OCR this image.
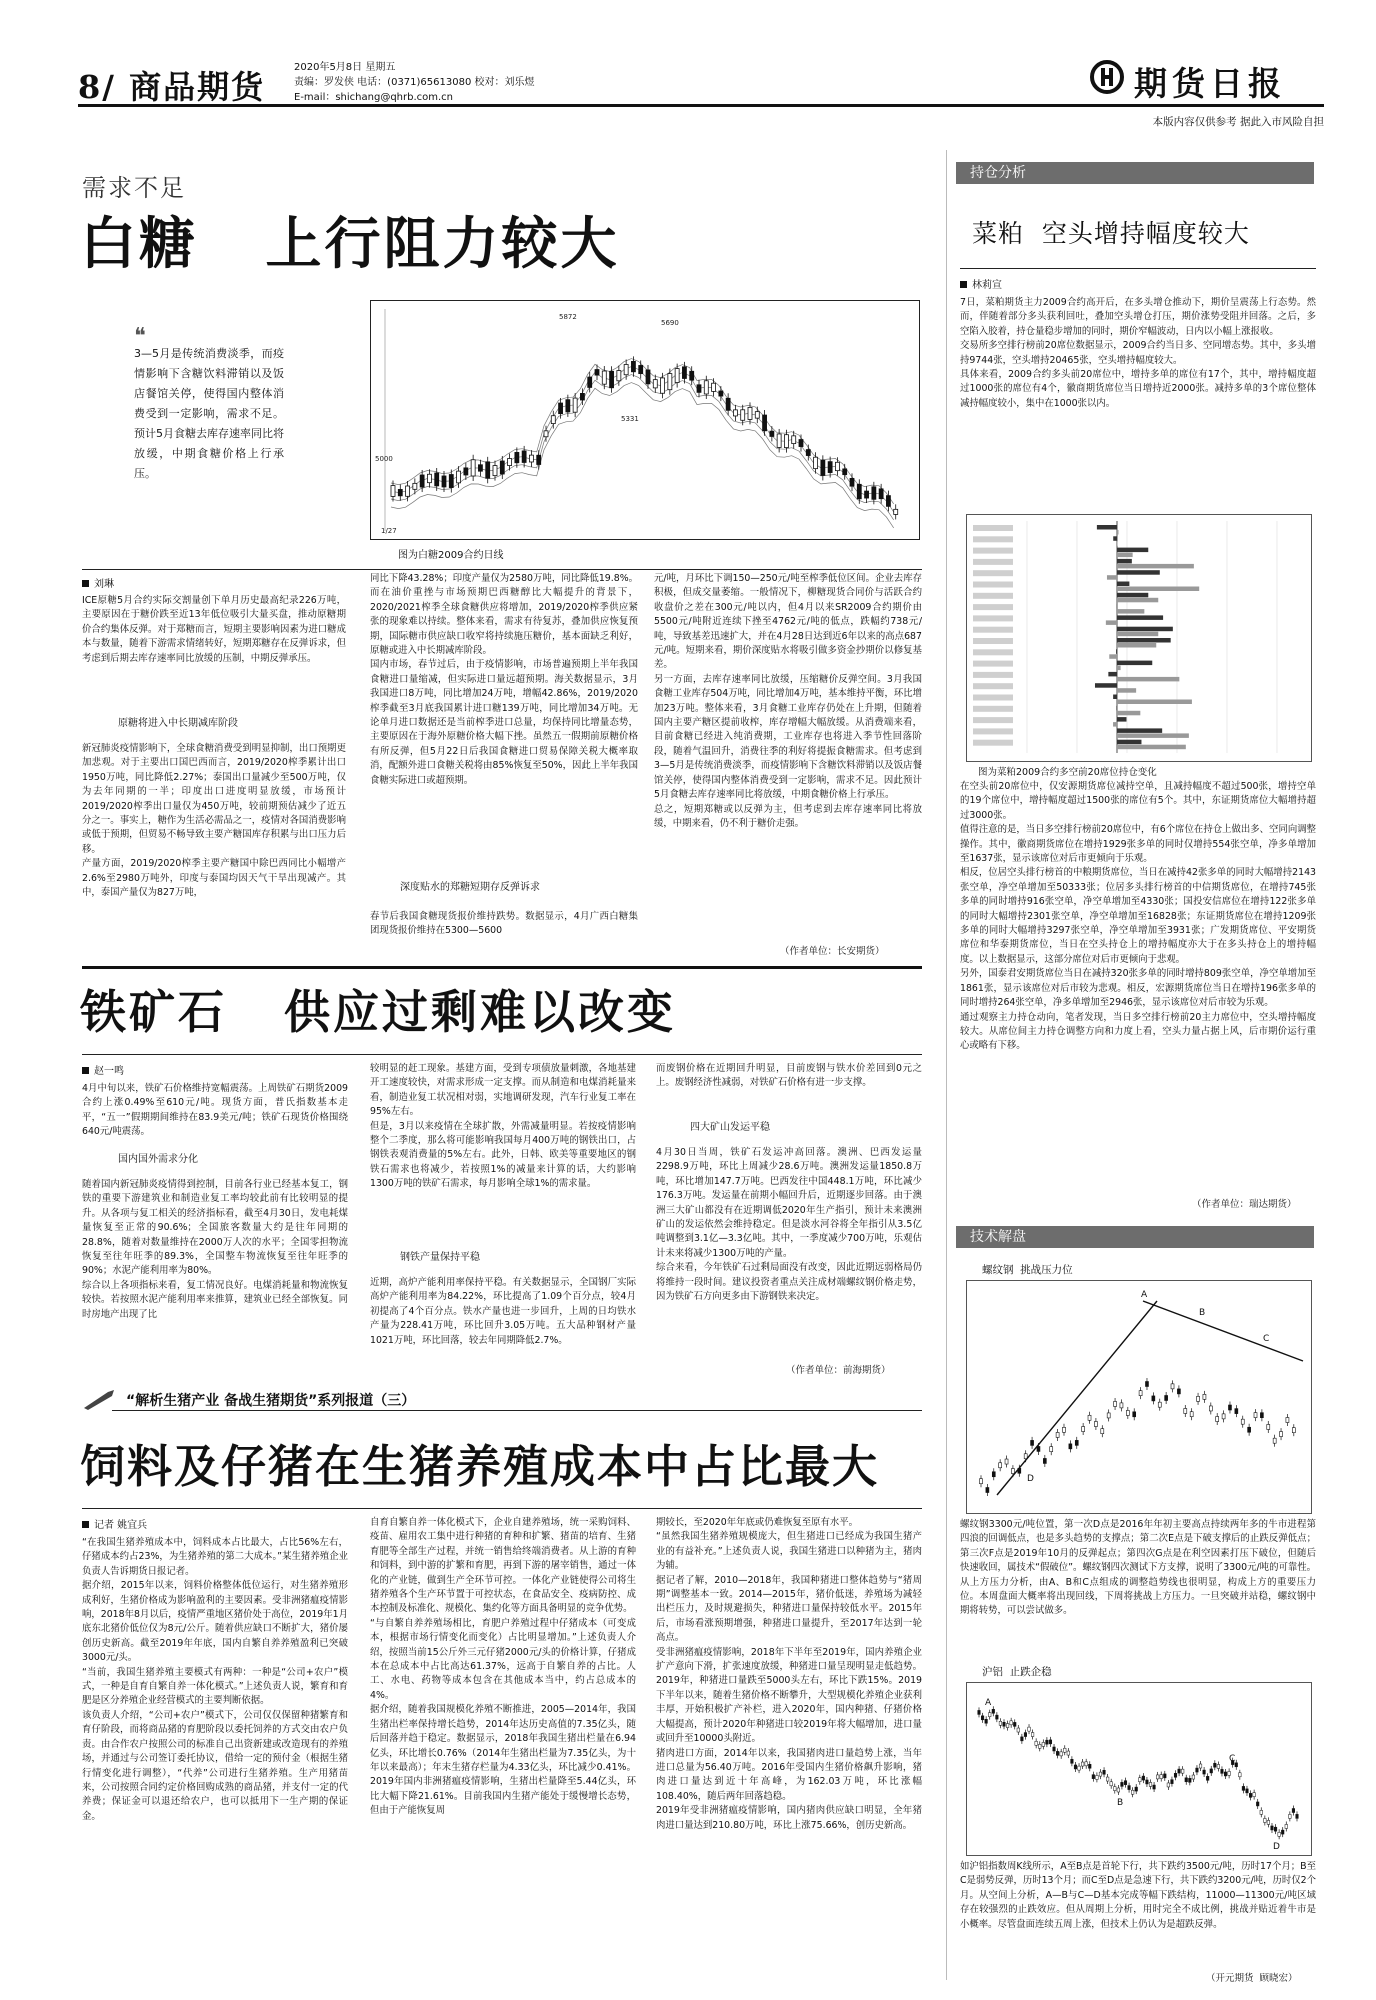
8/ 商品期货
2020年5月8日 星期五
责编：罗发侠 电话：(0371)65613080 校对：刘乐煜
E-mail：shichang@qhrb.com.cn	期货日报
本版内容仅供参考 据此入市风险自担
需求不足
白糖   上行阻力较大
❝
3—5月是传统消费淡季，而疫情影响下含糖饮料滞销以及饭店餐馆关停，使得国内整体消费受到一定影响，需求不足。预计5月食糖去库存速率同比将放缓，中期食糖价格上行承压。
5872
5690
5331
5000
1/27
图为白糖2009合约日线
刘琳
ICE原糖5月合约实际交割量创下单月历史最高纪录226万吨，主要原因在于糖价跌至近13年低位吸引大量买盘，推动原糖期价合约集体反弹。对于郑糖而言，短期主要影响因素为进口糖成本与数量，随着下游需求情绪转好，短期郑糖存在反弹诉求，但考虑到后期去库存速率同比放缓的压制，中期反弹承压。
原糖将进入中长期减库阶段
新冠肺炎疫情影响下，全球食糖消费受到明显抑制，出口预期更加悲观。对于主要出口国巴西而言，2019/2020榨季累计出口1950万吨，同比降低2.27%；泰国出口量减少至500万吨，仅为去年同期的一半；印度出口进度明显放缓，市场预计2019/2020榨季出口量仅为450万吨，较前期预估减少了近五分之一。事实上，糖作为生活必需品之一，疫情对各国消费影响或低于预期，但贸易不畅导致主要产糖国库存积累与出口压力后移。
产量方面，2019/2020榨季主要产糖国中除巴西同比小幅增产2.6%至2980万吨外，印度与泰国均因天气干旱出现减产。其中，泰国产量仅为827万吨，
同比下降43.28%；印度产量仅为2580万吨，同比降低19.8%。而在油价重挫与市场预期巴西糖醇比大幅提升的背景下，2020/2021榨季全球食糖供应将增加，2019/2020榨季供应紧张的现象难以持续。整体来看，需求有待复苏，叠加供应恢复预期，国际糖市供应缺口收窄将持续施压糖价，基本面缺乏利好，原糖或进入中长期减库阶段。
国内市场，春节过后，由于疫情影响，市场普遍预期上半年我国食糖进口量缩减，但实际进口量远超预期。海关数据显示，3月我国进口8万吨，同比增加24万吨，增幅42.86%，2019/2020榨季截至3月底我国累计进口糖139万吨，同比增加34万吨。无论单月进口数据还是当前榨季进口总量，均保持同比增量态势，主要原因在于海外原糖价格大幅下挫。虽然五一假期前原糖价格有所反弹，但5月22日后我国食糖进口贸易保障关税大概率取消，配额外进口食糖关税将由85%恢复至50%，因此上半年我国食糖实际进口或超预期。
深度贴水的郑糖短期存反弹诉求
春节后我国食糖现货报价维持跌势。数据显示，4月广西白糖集团现货报价维持在5300—5600
元/吨，月环比下调150—250元/吨至榨季低位区间。企业去库存积极，但成交量萎缩。一般情况下，柳糖现货合同价与活跃合约收盘价之差在300元/吨以内，但4月以来SR2009合约期价由5500元/吨附近连续下挫至4762元/吨的低点，跌幅约738元/吨，导致基差迅速扩大，并在4月28日达到近6年以来的高点687元/吨。短期来看，期价深度贴水将吸引做多资金抄期价以修复基差。
另一方面，去库存速率同比放缓，压缩糖价反弹空间。3月我国食糖工业库存504万吨，同比增加4万吨，基本维持平衡，环比增加23万吨。整体来看，3月食糖工业库存仍处在上升期，但随着国内主要产糖区提前收榨，库存增幅大幅放缓。从消费端来看，目前食糖已经进入纯消费期，工业库存也将进入季节性回落阶段，随着气温回升，消费往季的利好将提振食糖需求。但考虑到3—5月是传统消费淡季，而疫情影响下含糖饮料滞销以及饭店餐馆关停，使得国内整体消费受到一定影响，需求不足。因此预计5月食糖去库存速率同比将放缓，中期食糖价格上行承压。
总之，短期郑糖或以反弹为主，但考虑到去库存速率同比将放缓，中期来看，仍不利于糖价走强。
（作者单位：长安期货）
铁矿石   供应过剩难以改变
赵一鸣
4月中旬以来，铁矿石价格维持宽幅震荡。上周铁矿石期货2009合约上涨0.49%至610元/吨。现货方面，普氏指数基本走平，“五一”假期期间维持在83.9美元/吨；铁矿石现货价格围绕640元/吨震荡。
国内国外需求分化
随着国内新冠肺炎疫情得到控制，目前各行业已经基本复工，钢铁的重要下游建筑业和制造业复工率均较此前有比较明显的提升。从各项与复工相关的经济指标看，截至4月30日，发电耗煤量恢复至正常的90.6%；全国旅客数量大约是往年同期的28.8%，随着对数量维持在2000万人次的水平；全国零担物流恢复至往年旺季的89.3%，全国整车物流恢复至往年旺季的90%；水泥产能利用率为80%。
综合以上各项指标来看，复工情况良好。电煤消耗量和物流恢复较快。若按照水泥产能利用率来推算，建筑业已经全部恢复。同时房地产出现了比
较明显的赶工现象。基建方面，受到专项债放量刺激，各地基建开工速度较快，对需求形成一定支撑。而从制造和电煤消耗量来看，制造业复工状况相对弱，实地调研发现，汽车行业复工率在95%左右。
但是，3月以来疫情在全球扩散，外需减量明显。若按疫情影响整个二季度，那么将可能影响我国每月400万吨的钢铁出口，占钢铁表观消费量的5%左右。此外，日韩、欧美等重要地区的钢铁石需求也将减少，若按照1%的减量来计算的话，大约影响1300万吨的铁矿石需求，每月影响全球1%的需求量。
钢铁产量保持平稳
近期，高炉产能利用率保持平稳。有关数据显示，全国钢厂实际高炉产能利用率为84.22%，环比提高了1.09个百分点，较4月初提高了4个百分点。铁水产量也进一步回升，上周的日均铁水产量为228.41万吨，环比回升3.05万吨。五大品种钢材产量1021万吨，环比回落，较去年同期降低2.7%。
而废钢价格在近期回升明显，目前废钢与铁水价差回到0元之上。废钢经济性减弱，对铁矿石价格有进一步支撑。
四大矿山发运平稳
4月30日当周，铁矿石发运冲高回落。澳洲、巴西发运量2298.9万吨，环比上周减少28.6万吨。澳洲发运量1850.8万吨，环比增加147.7万吨。巴西发往中国448.1万吨，环比减少176.3万吨。发运量在前期小幅回升后，近期逐步回落。由于澳洲三大矿山都没有在近期调低2020年生产指引，预计未来澳洲矿山的发运依然会维持稳定。但是淡水河谷将全年指引从3.5亿吨调整到3.1亿—3.3亿吨。其中，一季度减少700万吨，乐观估计未来将减少1300万吨的产量。
综合来看，今年铁矿石过剩局面没有改变，因此近期远弱格局仍将维持一段时间。建议投资者重点关注成材端螺纹钢价格走势，因为铁矿石方向更多由下游钢铁来决定。
（作者单位：前海期货）
“解析生猪产业 备战生猪期货”系列报道（三）
饲料及仔猪在生猪养殖成本中占比最大
记者 姚宜兵
“在我国生猪养殖成本中，饲料成本占比最大，占比56%左右，仔猪成本约占23%，为生猪养殖的第二大成本。”某生猪养殖企业负责人告诉期货日报记者。
据介绍，2015年以来，饲料价格整体低位运行，对生猪养殖形成利好，生猪价格成为影响盈利的主要因素。受非洲猪瘟疫情影响，2018年8月以后，疫情严重地区猪价处于高位，2019年1月底东北猪价低位仅为8元/公斤。随着供应缺口不断扩大，猪价屡创历史新高。截至2019年年底，国内自繁自养养殖盈利已突破3000元/头。
“当前，我国生猪养殖主要模式有两种：一种是“公司+农户”模式，一种是自育自繁自养一体化模式。”上述负责人说，繁育和育肥是区分养殖企业经营模式的主要判断依据。
该负责人介绍，“公司+农户”模式下，公司仅仅保留种猪繁育和育仔阶段，而将商品猪的育肥阶段以委托饲养的方式交由农户负责。由合作农户按照公司的标准自己出资新建或改造现有的养殖场，并通过与公司签订委托协议，借给一定的预付金（根据生猪行情变化进行调整），“代养”公司进行生猪养殖。生产用猪苗来，公司按照合同约定价格回购成熟的商品猪，并支付一定的代养费；保证金可以退还给农户，也可以抵用下一生产期的保证金。
自育自繁自养一体化模式下，企业自建养殖场，统一采购饲料、疫苗、雇用农工集中进行种猪的育种和扩繁、猪苗的培育、生猪育肥等全部生产过程，并统一销售给终端消费者。从上游的育种和饲料，到中游的扩繁和育肥，再到下游的屠宰销售，通过一体化的产业链，做到生产全环节可控。一体化产业链使得公司将生猪养殖各个生产环节置于可控状态，在食品安全、疫病防控、成本控制及标准化、规模化、集约化等方面具备明显的竞争优势。
“与自繁自养养殖场相比，育肥户养殖过程中仔猪成本（可变成本，根据市场行情变化而变化）占比明显增加。”上述负责人介绍，按照当前15公斤外三元仔猪2000元/头的价格计算，仔猪成本在总成本中占比高达61.37%，远高于自繁自养的占比。人工、水电、药物等成本包含在其他成本当中，约占总成本的4%。
据介绍，随着我国规模化养殖不断推进，2005—2014年，我国生猪出栏率保持增长趋势，2014年达历史高值的7.35亿头，随后回落并趋于稳定。数据显示，2018年我国生猪出栏量在6.94亿头，环比增长0.76%（2014年生猪出栏量为7.35亿头，为十年以来最高）；年末生猪存栏量为4.33亿头，环比减少0.41%。2019年国内非洲猪瘟疫情影响，生猪出栏量降至5.44亿头，环比大幅下降21.61%。目前我国内生猪产能处于缓慢增长态势，但由于产能恢复周
期较长，至2020年年底或仍难恢复至原有水平。
“虽然我国生猪养殖规模庞大，但生猪进口已经成为我国生猪产业的有益补充。”上述负责人说，我国生猪进口以种猪为主，猪肉为辅。
据记者了解，2010—2018年，我国种猪进口整体趋势与“猪周期”调整基本一致。2014—2015年，猪价低迷，养殖场为减轻出栏压力，及时规避损失，种猪进口量保持较低水平。2015年后，市场看涨预期增强，种猪进口量提升，至2017年达到一轮高点。
受非洲猪瘟疫情影响，2018年下半年至2019年，国内养殖企业扩产意向下滑，扩张速度放缓，种猪进口量呈现明显走低趋势。2019年，种猪进口量跌至5000头左右，环比下跌15%。2019下半年以来，随着生猪价格不断攀升，大型规模化养殖企业获利丰厚，开始积极扩产补栏，进入2020年，国内种猪、仔猪价格大幅提高，预计2020年种猪进口较2019年将大幅增加，进口量或回升至10000头附近。
猪肉进口方面，2014年以来，我国猪肉进口量趋势上涨，当年进口总量为56.40万吨。2016年受国内生猪价格飙升影响，猪肉进口量达到近十年高峰，为162.03万吨，环比涨幅108.40%，随后两年回落趋稳。
2019年受非洲猪瘟疫情影响，国内猪肉供应缺口明显，全年猪肉进口量达到210.80万吨，环比上涨75.66%，创历史新高。
持仓分析
菜粕  空头增持幅度较大
林莉宣
7日，菜粕期货主力2009合约高开后，在多头增仓推动下，期价呈震荡上行态势。然而，伴随着部分多头获利回吐，叠加空头增仓打压，期价涨势受阻并回落。之后，多空陷入胶着，持仓量稳步增加的同时，期价窄幅波动，日内以小幅上涨报收。
交易所多空排行榜前20席位数据显示，2009合约当日多、空同增态势。其中，多头增持9744张，空头增持20465张，空头增持幅度较大。
具体来看，2009合约多头前20席位中，增持多单的席位有17个，其中，增持幅度超过1000张的席位有4个，徽商期货席位当日增持近2000张。减持多单的3个席位整体减持幅度较小，集中在1000张以内。
图为菜粕2009合约多空前20席位持仓变化
在空头前20席位中，仅安源期货席位减持空单，且减持幅度不超过500张，增持空单的19个席位中，增持幅度超过1500张的席位有5个。其中，东证期货席位大幅增持超过3000张。
值得注意的是，当日多空排行榜前20席位中，有6个席位在持仓上做出多、空同向调整操作。其中，徽商期货席位在增持1929张多单的同时仅增持554张空单，净多单增加至1637张，显示该席位对后市更倾向于乐观。
相反，位居空头排行榜首的中粮期货席位，当日在减持42张多单的同时大幅增持2143张空单，净空单增加至50333张；位居多头排行榜首的中信期货席位，在增持745张多单的同时增持916张空单，净空单增加至4330张；国投安信席位在增持122张多单的同时大幅增持2301张空单，净空单增加至16828张；东证期货席位在增持1209张多单的同时大幅增持3297张空单，净空单增加至3931张；广发期货席位、平安期货席位和华泰期货席位，当日在空头持仓上的增持幅度亦大于在多头持仓上的增持幅度。以上数据显示，这部分席位对后市更倾向于悲观。
另外，国泰君安期货席位当日在减持320张多单的同时增持809张空单，净空单增加至1861张，显示该席位对后市较为悲观。相反，宏源期货席位当日在增持196张多单的同时增持264张空单，净多单增加至2946张，显示该席位对后市较为乐观。
通过观察主力持仓动向，笔者发现，当日多空排行榜前20主力席位中，空头增持幅度较大。从席位间主力持仓调整方向和力度上看，空头力量占据上风，后市期价运行重心或略有下移。
（作者单位：瑞达期货）
技术解盘
螺纹钢  挑战压力位
A
B
C
D
螺纹钢3300元/吨位置，第一次D点是2016年年初主要高点持续两年多的牛市进程第四浪的回调低点，也是多头趋势的支撑点；第二次E点是下破支撑后的止跌反弹低点；第三次F点是2019年10月的反弹起点；第四次G点是在利空因素打压下破位，但随后快速收回，属技术“假破位”。螺纹钢四次测试下方支撑，说明了3300元/吨的可靠性。从上方压力分析，由A、B和C点组成的调整趋势线也很明显，构成上方的重要压力位。本周盘面大概率将出现回线，下周将挑战上方压力。一旦突破并站稳，螺纹钢中期将转势，可以尝试做多。
沪铝  止跌企稳
A
B
C
D
如沪铝指数周K线所示，A至B点是首轮下行，共下跌约3500元/吨，历时17个月；B至C是弱势反弹，历时13个月；而C至D点是急速下行，共下跌约3200元/吨，历时仅2个月。从空间上分析，A—B与C—D基本完成等幅下跌结构，11000—11300元/吨区域存在较强烈的止跌效应。但从周期上分析，用时完全不成比例，挑战并贴近着牛市是小概率。尽管盘面连续五周上涨，但技术上仍认为是超跌反弹。
（开元期货  顾晓宏）
